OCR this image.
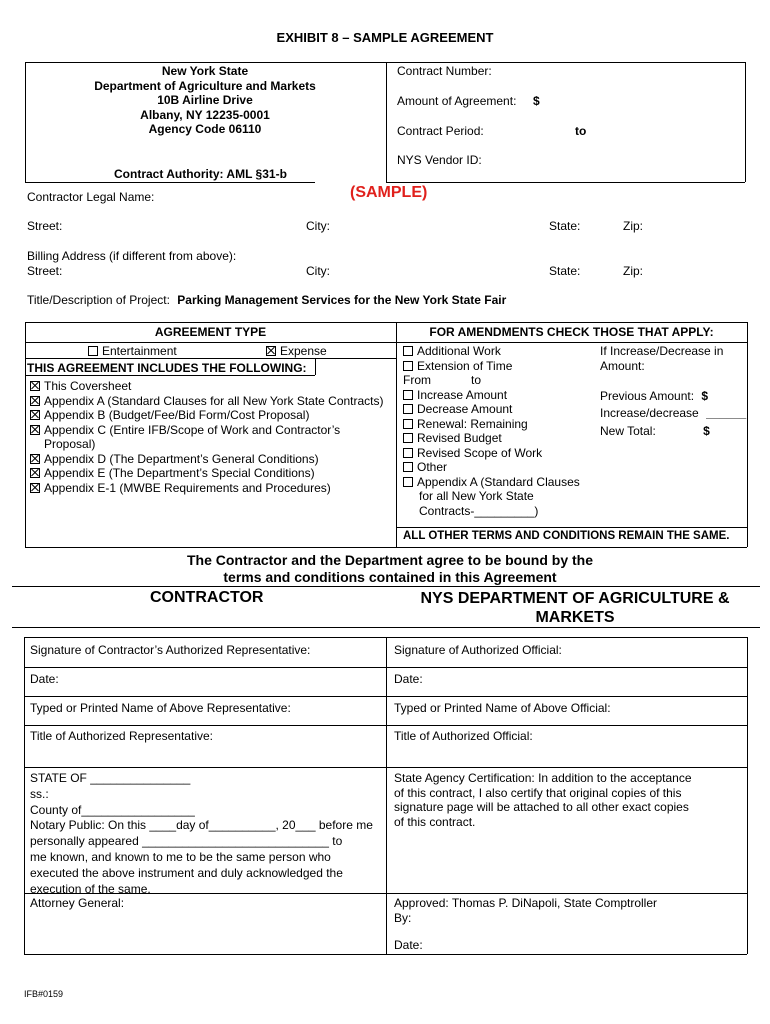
EXHIBIT 8 – SAMPLE AGREEMENT
New York State
Department of Agriculture and Markets
10B Airline Drive
Albany, NY 12235-0001
Agency Code 06110
Contract Authority: AML §31-b
Contract Number:
Amount of Agreement: $
Contract Period:	to
NYS Vendor ID:
Contractor Legal Name:	(SAMPLE)
Street:	City:	State:	Zip:
Billing Address (if different from above):
Street:	City:	State:	Zip:
Title/Description of Project: Parking Management Services for the New York State Fair
AGREEMENT TYPE	FOR AMENDMENTS CHECK THOSE THAT APPLY:
Entertainment	Expense
THIS AGREEMENT INCLUDES THE FOLLOWING:
This Coversheet
Appendix A (Standard Clauses for all New York State Contracts)
Appendix B (Budget/Fee/Bid Form/Cost Proposal)
Appendix C (Entire IFB/Scope of Work and Contractor’s
Proposal)
Appendix D (The Department’s General Conditions)
Appendix E (The Department’s Special Conditions)
Appendix E-1 (MWBE Requirements and Procedures)
Additional Work
Extension of Time
From	to
Increase Amount
Decrease Amount
Renewal: Remaining
Revised Budget
Revised Scope of Work
Other
Appendix A (Standard Clauses
for all New York State
Contracts-_________)
If Increase/Decrease in
Amount:
Previous Amount: $
Increase/decrease ______
New Total:	$
ALL OTHER TERMS AND CONDITIONS REMAIN THE SAME.
The Contractor and the Department agree to be bound by the
terms and conditions contained in this Agreement
CONTRACTOR	NYS DEPARTMENT OF AGRICULTURE &
MARKETS
Signature of Contractor’s Authorized Representative:	Signature of Authorized Official:
Date:	Date:
Typed or Printed Name of Above Representative:	Typed or Printed Name of Above Official:
Title of Authorized Representative:	Title of Authorized Official:
STATE OF _______________
ss.:
County of_________________
Notary Public: On this ____day of__________, 20___ before me
personally appeared ____________________________ to
me known, and known to me to be the same person who
executed the above instrument and duly acknowledged the
execution of the same.
State Agency Certification: In addition to the acceptance
of this contract, I also certify that original copies of this
signature page will be attached to all other exact copies
of this contract.
Attorney General:	Approved: Thomas P. DiNapoli, State Comptroller
By:
Date:
IFB#0159
